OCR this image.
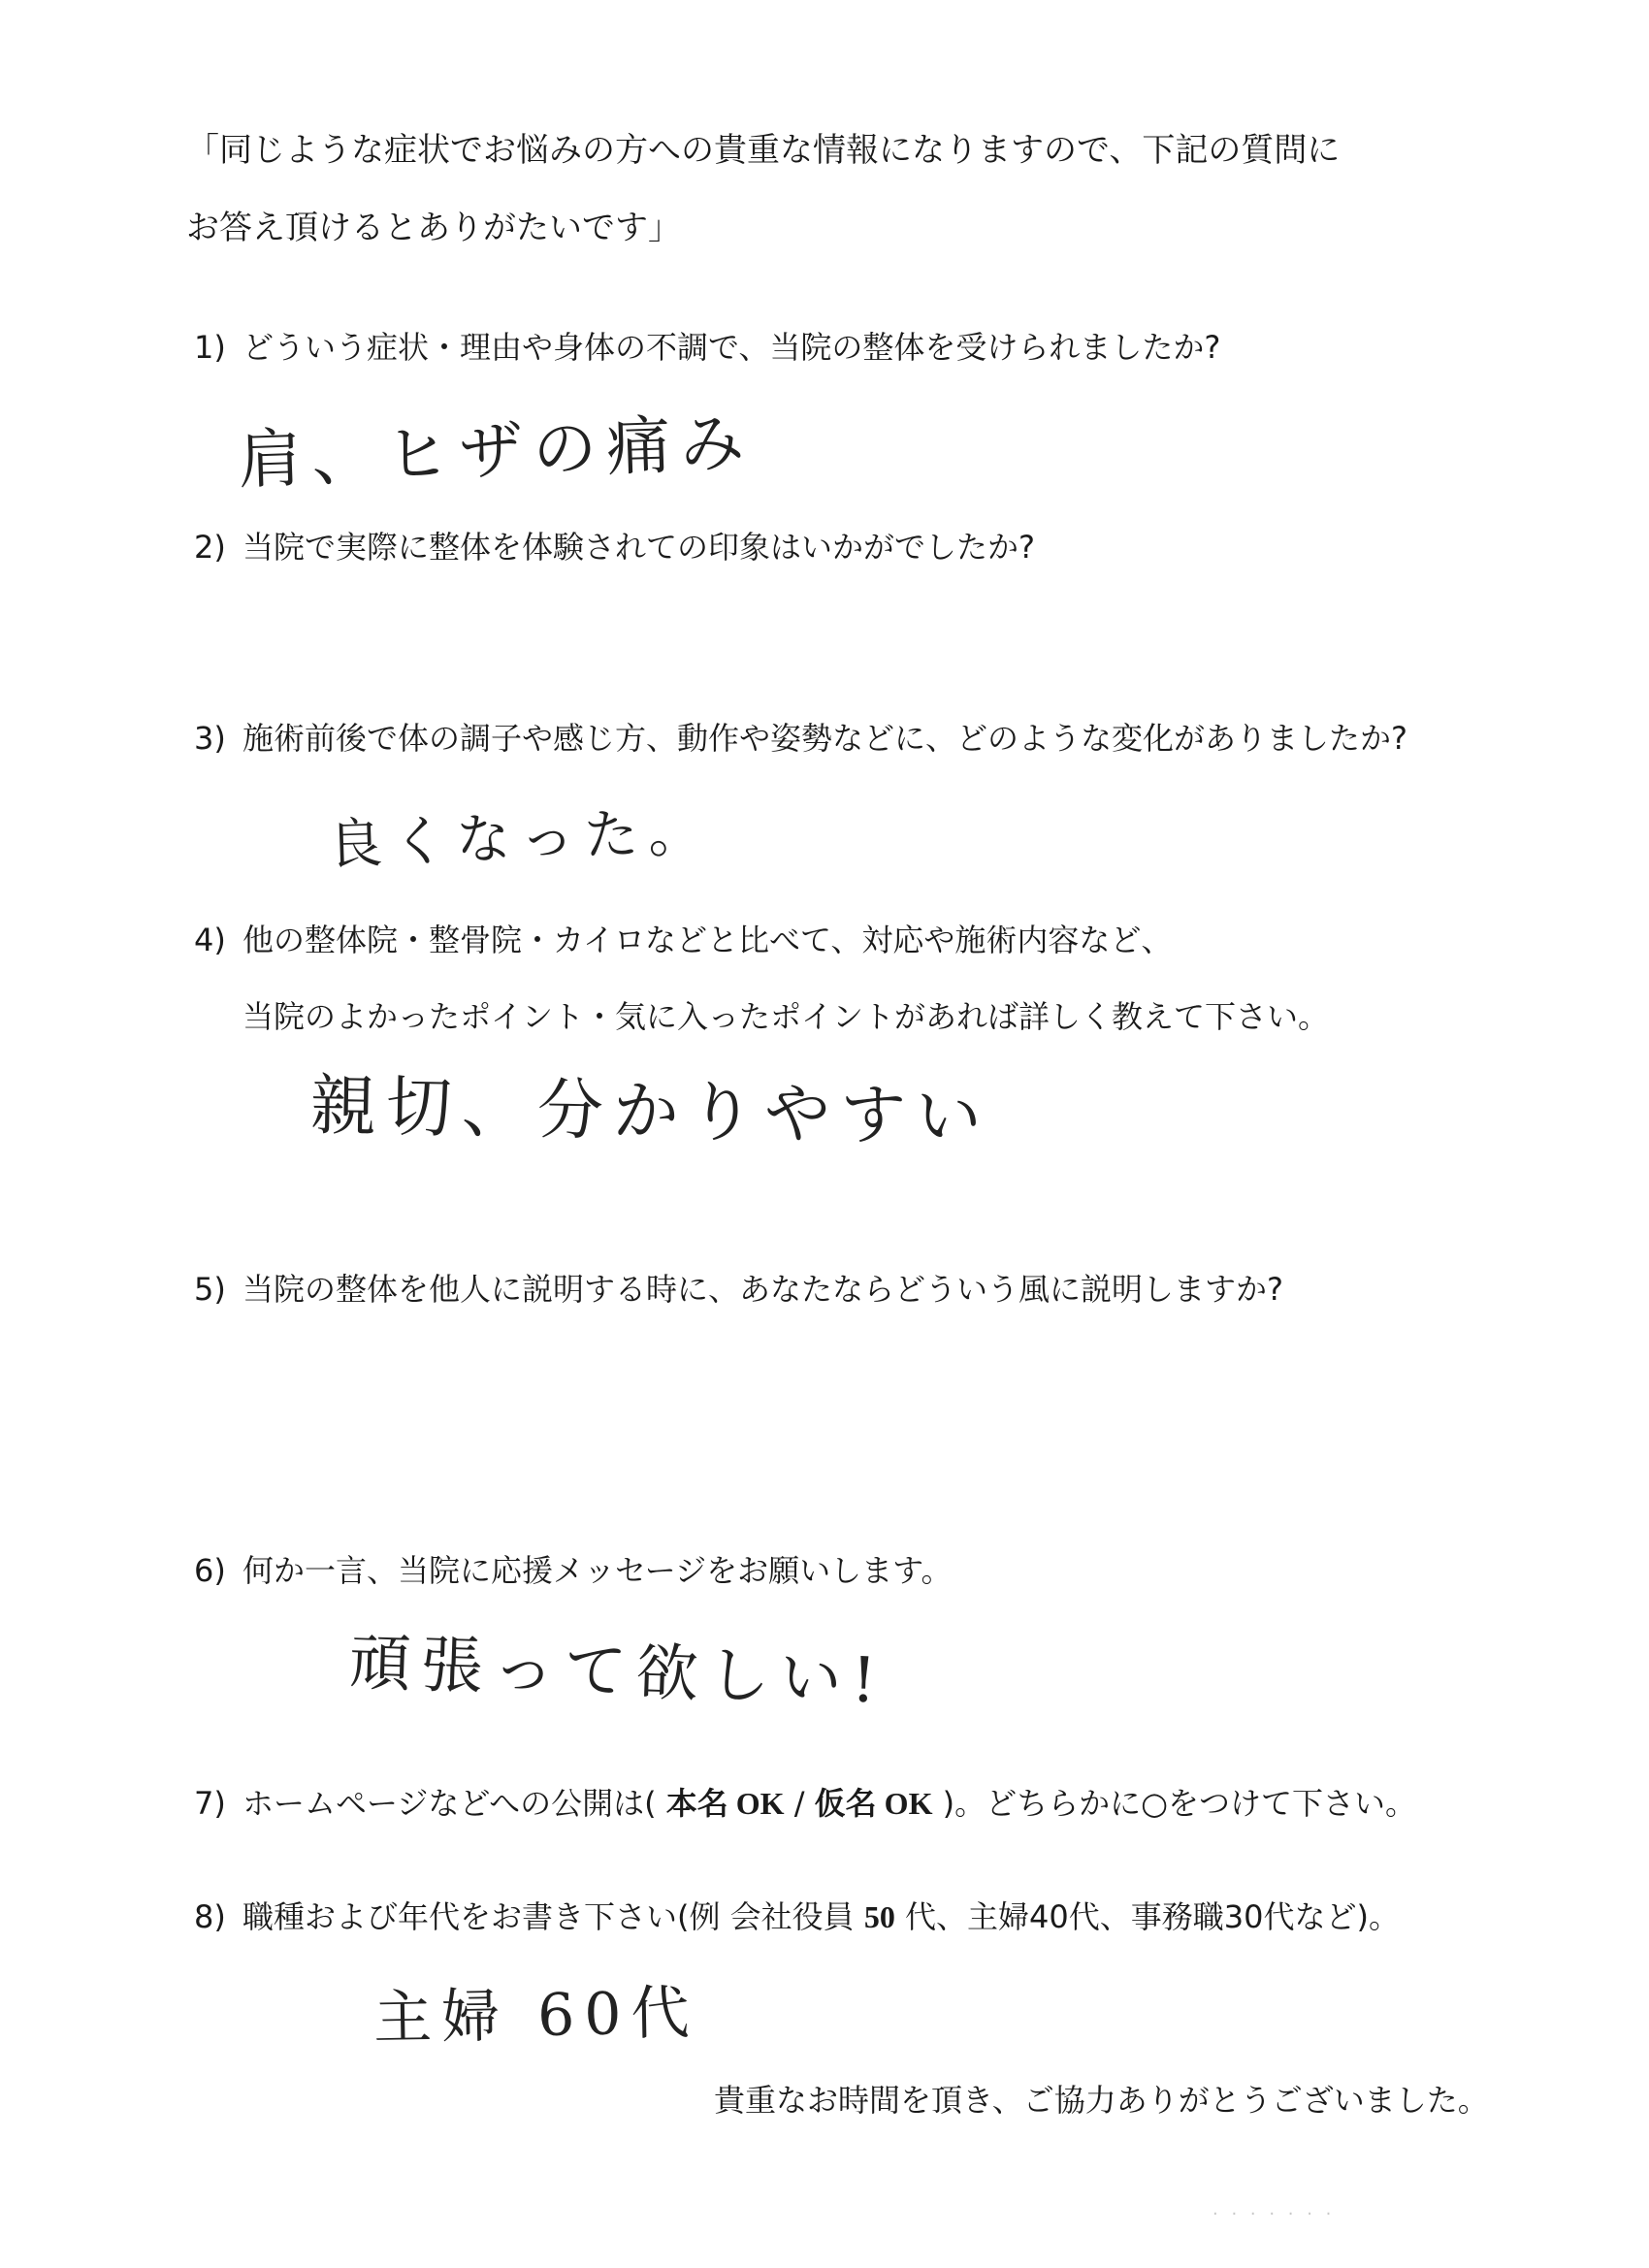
「同じような症状でお悩みの方への貴重な情報になりますので、下記の質問に
お答え頂けるとありがたいです」
1) どういう症状・理由や身体の不調で、当院の整体を受けられましたか?
肩、ヒザの痛み
2) 当院で実際に整体を体験されての印象はいかがでしたか?
3) 施術前後で体の調子や感じ方、動作や姿勢などに、どのような変化がありましたか?
良くなった。
4) 他の整体院・整骨院・カイロなどと比べて、対応や施術内容など、
当院のよかったポイント・気に入ったポイントがあれば詳しく教えて下さい。
親切、分かりやすい
5) 当院の整体を他人に説明する時に、あなたならどういう風に説明しますか?
6) 何か一言、当院に応援メッセージをお願いします。
頑張って欲しい!
7) ホームページなどへの公開は( 本名 OK / 仮名 OK )。どちらかに○をつけて下さい。
8) 職種および年代をお書き下さい(例 会社役員 50 代、主婦40代、事務職30代など)。
主婦 60代
貴重なお時間を頂き、ご協力ありがとうございました。
· · · · · · ·
